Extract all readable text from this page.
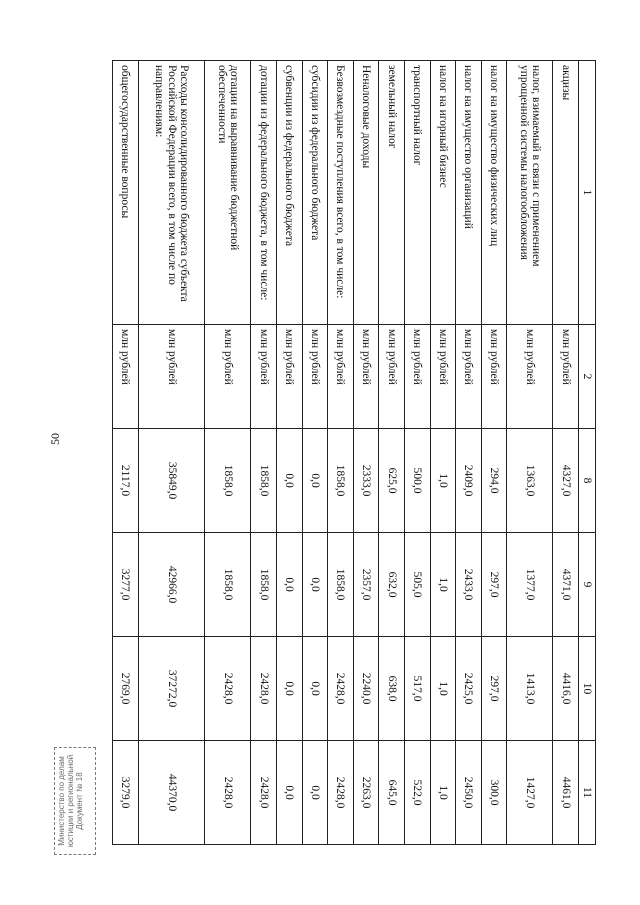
50
1	2	8	9	10	11
акцизы	млн рублей	4327,0	4371,0	4416,0	4461,0
налог, взимаемый в связи с применением упрощенной системы налогообложения	млн рублей	1363,0	1377,0	1413,0	1427,0
налог на имущество физических лиц	млн рублей	294,0	297,0	297,0	300,0
налог на имущество организаций	млн рублей	2409,0	2433,0	2425,0	2450,0
налог на игорный бизнес	млн рублей	1,0	1,0	1,0	1,0
транспортный налог	млн рублей	500,0	505,0	517,0	522,0
земельный налог	млн рублей	625,0	632,0	638,0	645,0
Неналоговые доходы	млн рублей	2333,0	2357,0	2240,0	2263,0
Безвозмездные поступления всего, в том числе:	млн рублей	1858,0	1858,0	2428,0	2428,0
субсидии из федерального бюджета	млн рублей	0,0	0,0	0,0	0,0
субвенции из федерального бюджета	млн рублей	0,0	0,0	0,0	0,0
дотации из федерального бюджета, в том числе:	млн рублей	1858,0	1858,0	2428,0	2428,0
дотации на выравнивание бюджетной обеспеченности	млн рублей	1858,0	1858,0	2428,0	2428,0
Расходы консолидированного бюджета субъекта Российской Федерации всего, в том числе по направлениям:	млн рублей	35849,0	42966,0	37272,0	44370,0
общегосударственные вопросы	млн рублей	2117,0	3277,0	2769,0	3279,0
Министерство по делам юстиции и региональной Документ № 18
